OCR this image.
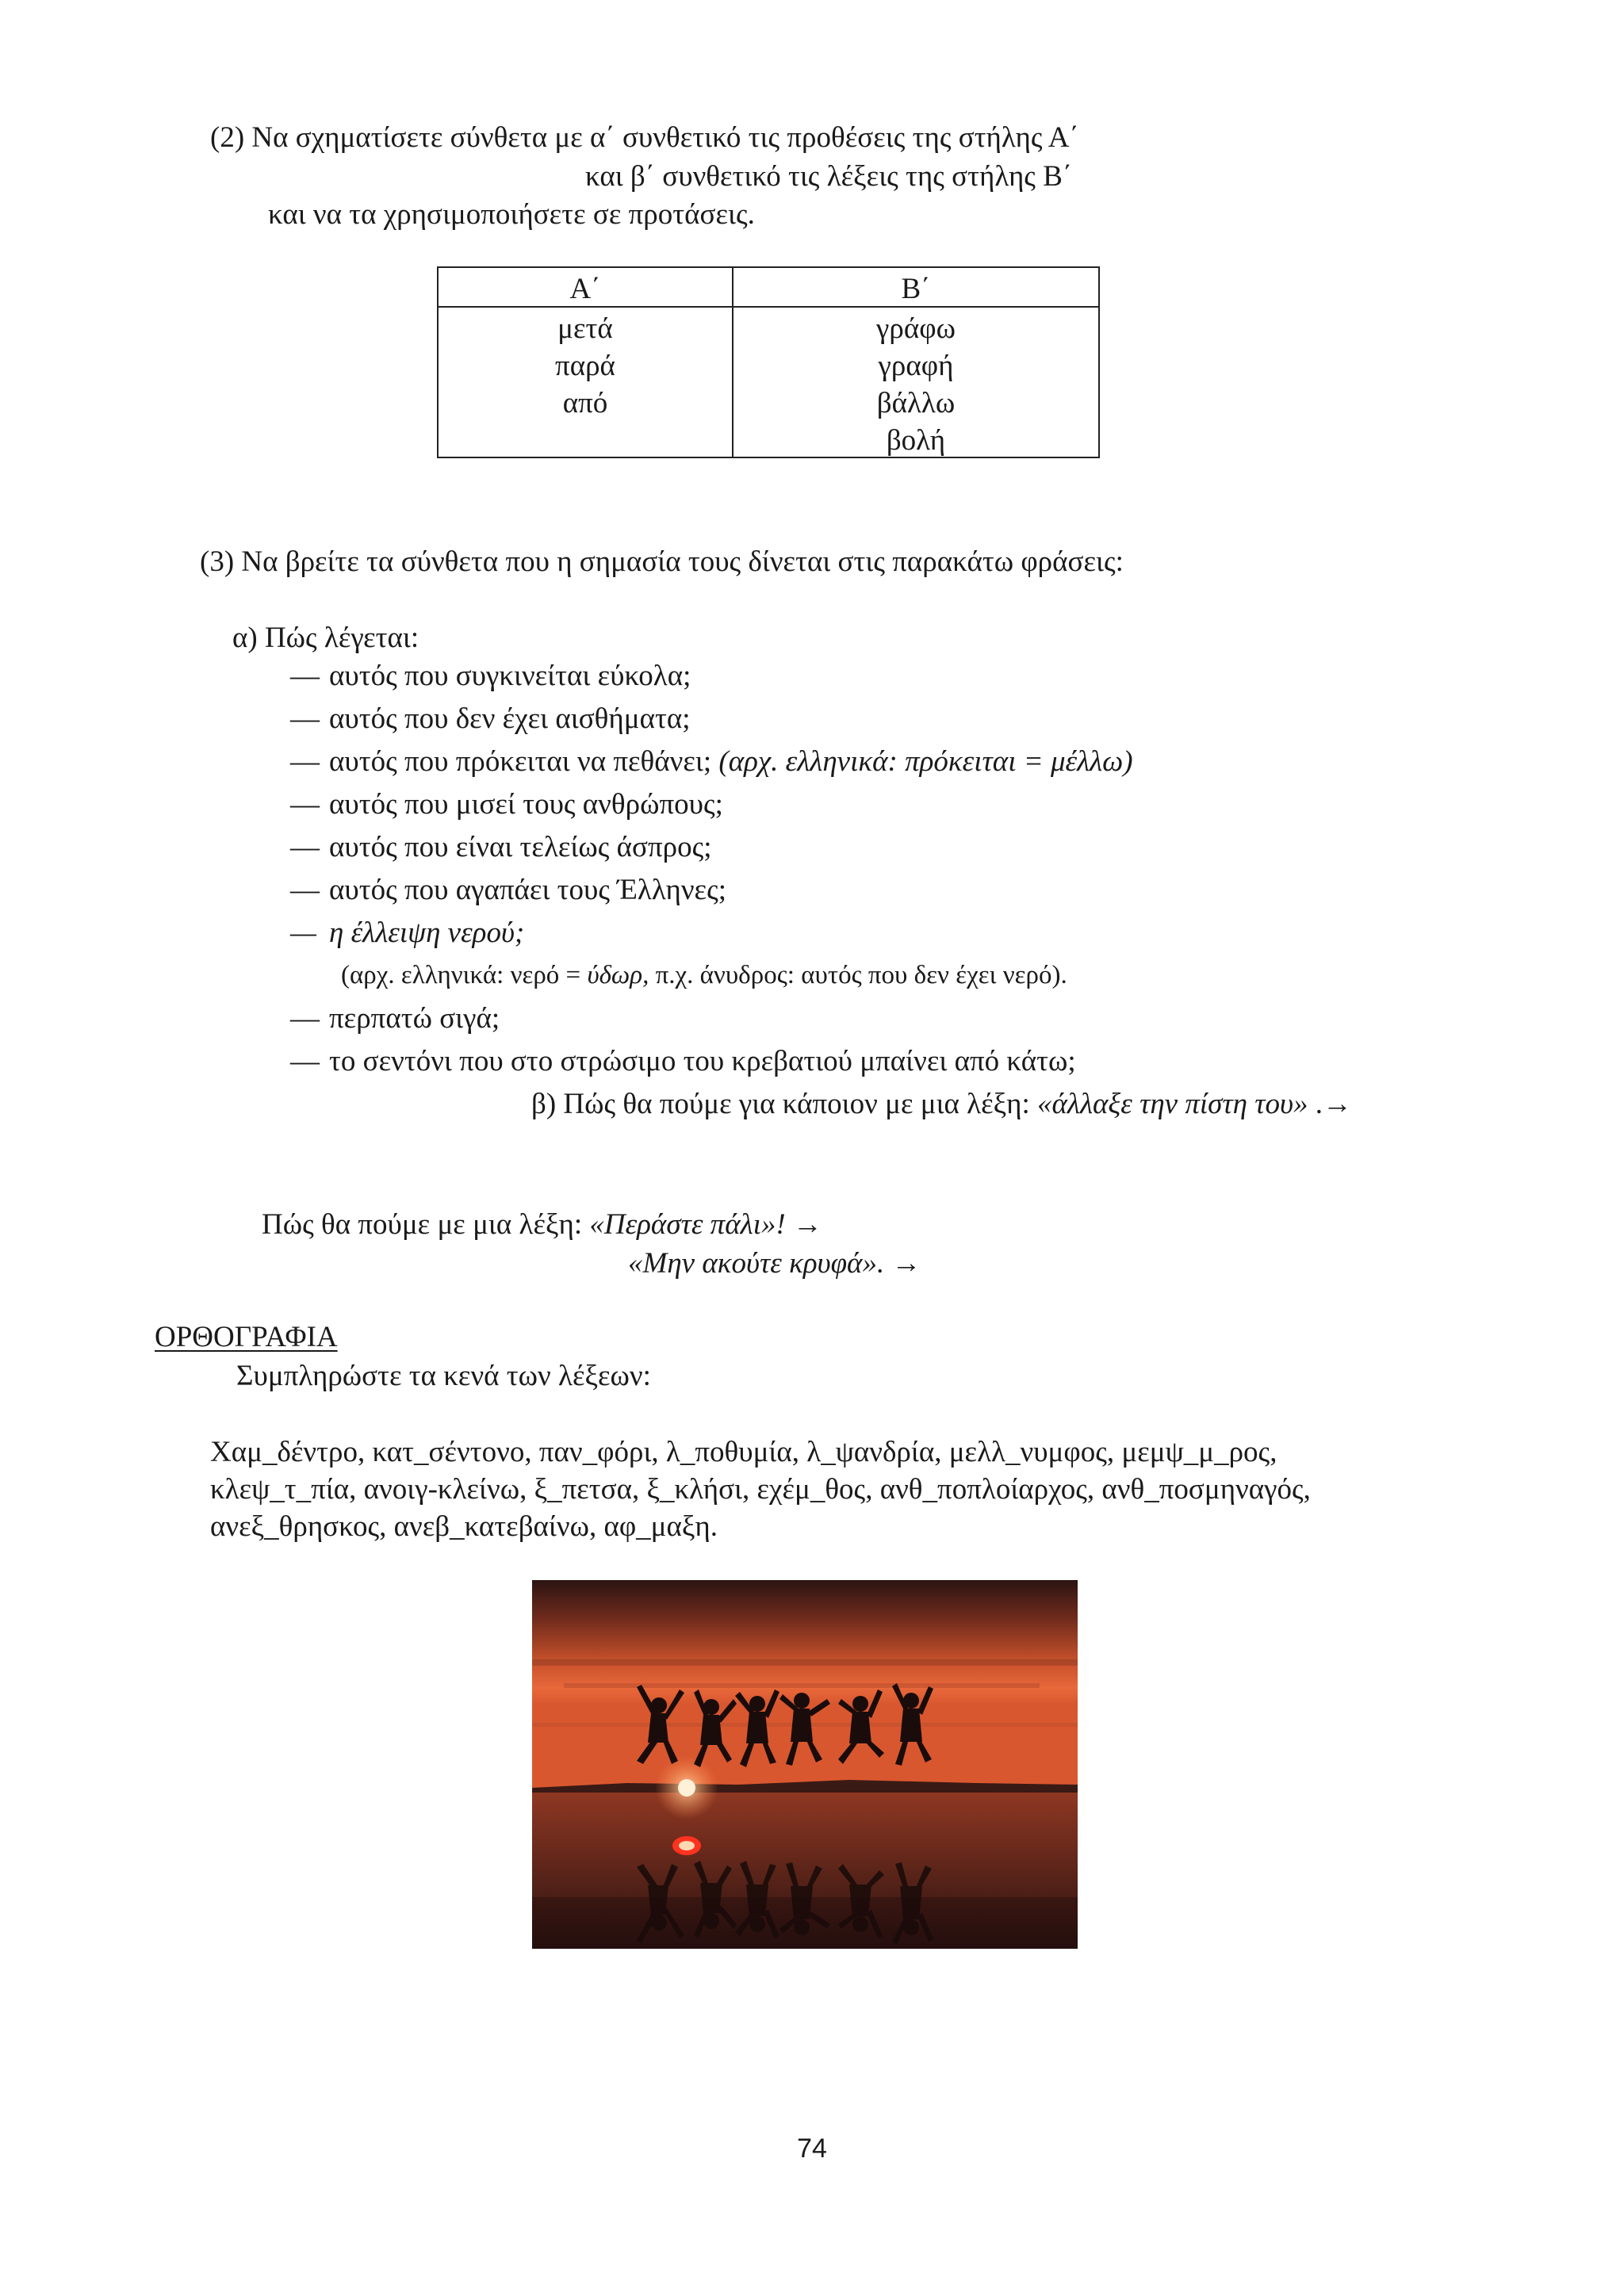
(2) Να σχηματίσετε σύνθετα με α΄ συνθετικό τις προθέσεις της στήλης Α΄
και β΄ συνθετικό τις λέξεις της στήλης Β΄
και να τα χρησιμοποιήσετε σε προτάσεις.
Α΄	Β΄
μετά
παρά
από
γράφω
γραφή
βάλλω
βολή
(3) Να βρείτε τα σύνθετα που η σημασία τους δίνεται στις παρακάτω φράσεις:
α) Πώς λέγεται:
— αυτός που συγκινείται εύκολα;
— αυτός που δεν έχει αισθήματα;
— αυτός που πρόκειται να πεθάνει; (αρχ. ελληνικά: πρόκειται = μέλλω)
— αυτός που μισεί τους ανθρώπους;
— αυτός που είναι τελείως άσπρος;
— αυτός που αγαπάει τους Έλληνες;
— η έλλειψη νερού;
(αρχ. ελληνικά: νερό = ύδωρ, π.χ. άνυδρος: αυτός που δεν έχει νερό).
— περπατώ σιγά;
— το σεντόνι που στο στρώσιμο του κρεβατιού μπαίνει από κάτω;
β) Πώς θα πούμε για κάποιον με μια λέξη: «άλλαξε την πίστη του» .→
Πώς θα πούμε με μια λέξη: «Περάστε πάλι»! →
«Μην ακούτε κρυφά». →
ΟΡΘΟΓΡΑΦΙΑ
Συμπληρώστε τα κενά των λέξεων:
Χαμ_δέντρο, κατ_σέντονο, παν_φόρι, λ_ποθυμία, λ_ψανδρία, μελλ_νυμφος, μεμψ_μ_ρος,
κλεψ_τ_πία, ανοιγ-κλείνω, ξ_πετσα, ξ_κλήσι, εχέμ_θος, ανθ_ποπλοίαρχος, ανθ_ποσμηναγός,
ανεξ_θρησκος, ανεβ_κατεβαίνω, αφ_μαξη.
74
